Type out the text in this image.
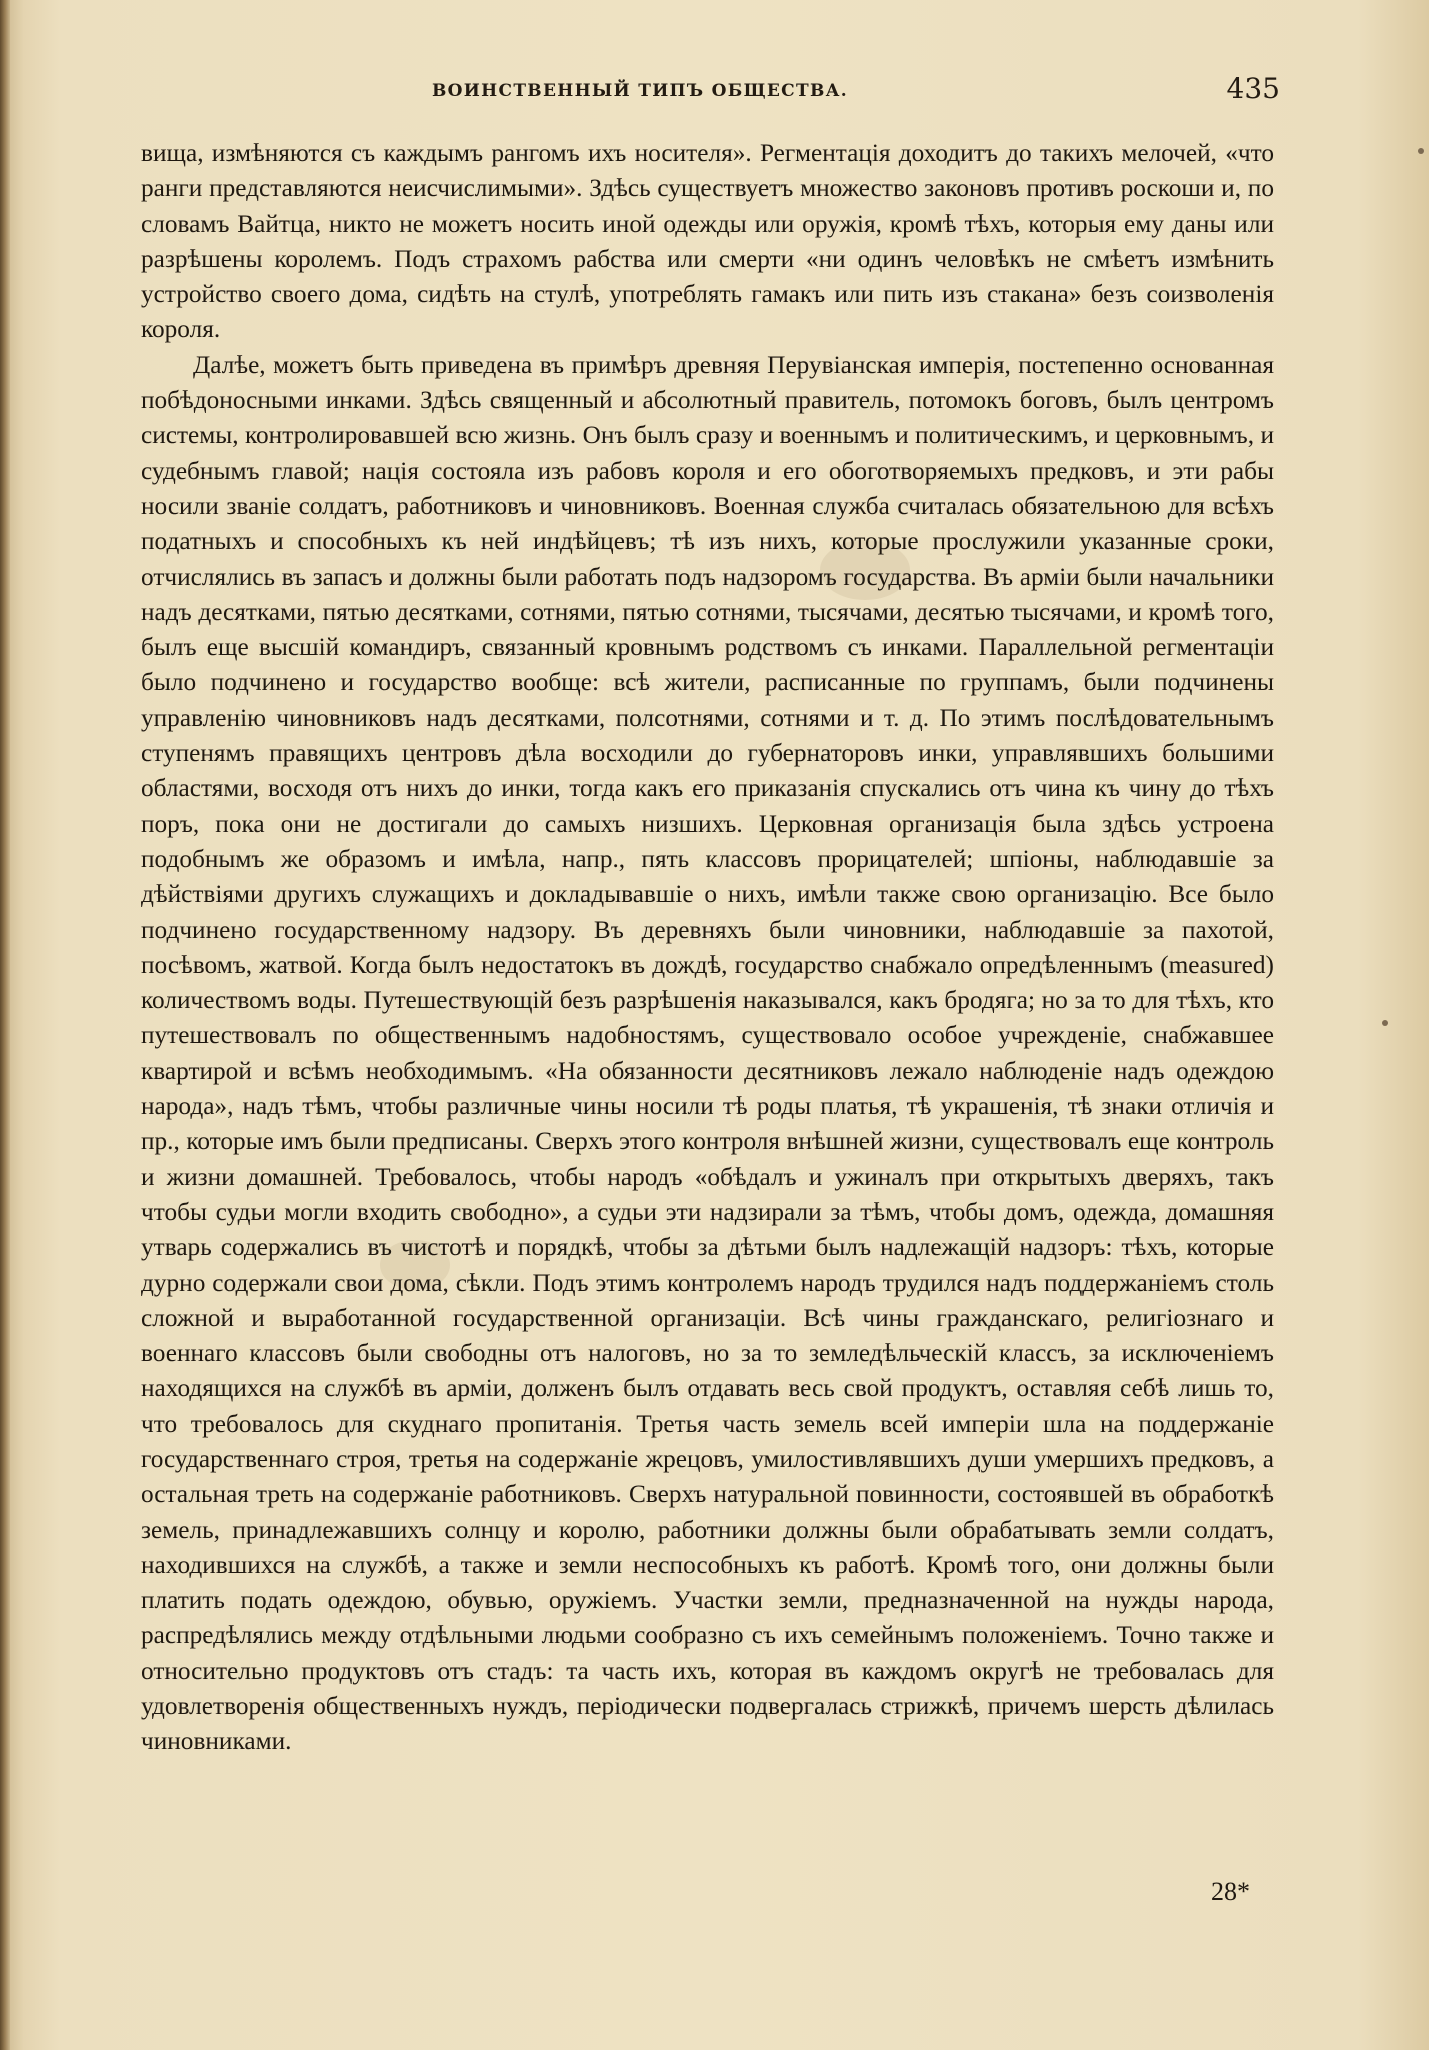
ВОИНСТВЕННЫЙ ТИПЪ ОБЩЕСТВА.	435

вища, измѣняются съ каждымъ рангомъ ихъ носителя». Регментація доходитъ до такихъ мелочей, «что ранги представляются неисчислимыми». Здѣсь существуетъ множество законовъ противъ роскоши и, по словамъ Вайтца, никто не можетъ носить иной одежды или оружія, кромѣ тѣхъ, которыя ему даны или разрѣшены королемъ. Подъ страхомъ рабства или смерти «ни одинъ человѣкъ не смѣетъ измѣнить устройство своего дома, сидѣть на стулѣ, употреблять гамакъ или пить изъ стакана» безъ соизволенія короля.

Далѣе, можетъ быть приведена въ примѣръ древняя Перувіанская имперія, постепенно основанная побѣдоносными инками. Здѣсь священный и абсолютный правитель, потомокъ боговъ, былъ центромъ системы, контролировавшей всю жизнь. Онъ былъ сразу и военнымъ и политическимъ, и церковнымъ, и судебнымъ главой; нація состояла изъ рабовъ короля и его обоготворяемыхъ предковъ, и эти рабы носили званіе солдатъ, работниковъ и чиновниковъ. Военная служба считалась обязательною для всѣхъ податныхъ и способныхъ къ ней индѣйцевъ; тѣ изъ нихъ, которые прослужили указанные сроки, отчислялись въ запасъ и должны были работать подъ надзоромъ государства. Въ арміи были начальники надъ десятками, пятью десятками, сотнями, пятью сотнями, тысячами, десятью тысячами, и кромѣ того, былъ еще высшій командиръ, связанный кровнымъ родствомъ съ инками. Параллельной регментаціи было подчинено и государство вообще: всѣ жители, расписанные по группамъ, были подчинены управленію чиновниковъ надъ десятками, полсотнями, сотнями и т. д. По этимъ послѣдовательнымъ ступенямъ правящихъ центровъ дѣла восходили до губернаторовъ инки, управлявшихъ большими областями, восходя отъ нихъ до инки, тогда какъ его приказанія спускались отъ чина къ чину до тѣхъ поръ, пока они не достигали до самыхъ низшихъ. Церковная организація была здѣсь устроена подобнымъ же образомъ и имѣла, напр., пять классовъ прорицателей; шпіоны, наблюдавшіе за дѣйствіями другихъ служащихъ и докладывавшіе о нихъ, имѣли также свою организацію. Все было подчинено государственному надзору. Въ деревняхъ были чиновники, наблюдавшіе за пахотой, посѣвомъ, жатвой. Когда былъ недостатокъ въ дождѣ, государство снабжало опредѣленнымъ (measured) количествомъ воды. Путешествующій безъ разрѣшенія наказывался, какъ бродяга; но за то для тѣхъ, кто путешествовалъ по общественнымъ надобностямъ, существовало особое учрежденіе, снабжавшее квартирой и всѣмъ необходимымъ. «На обязанности десятниковъ лежало наблюденіе надъ одеждою народа», надъ тѣмъ, чтобы различные чины носили тѣ роды платья, тѣ украшенія, тѣ знаки отличія и пр., которые имъ были предписаны. Сверхъ этого контроля внѣшней жизни, существовалъ еще контроль и жизни домашней. Требовалось, чтобы народъ «обѣдалъ и ужиналъ при открытыхъ дверяхъ, такъ чтобы судьи могли входить свободно», а судьи эти надзирали за тѣмъ, чтобы домъ, одежда, домашняя утварь содержались въ чистотѣ и порядкѣ, чтобы за дѣтьми былъ надлежащій надзоръ: тѣхъ, которые дурно содержали свои дома, сѣкли. Подъ этимъ контролемъ народъ трудился надъ поддержаніемъ столь сложной и выработанной государственной организаціи. Всѣ чины гражданскаго, религіознаго и военнаго классовъ были свободны отъ налоговъ, но за то земледѣльческій классъ, за исключеніемъ находящихся на службѣ въ арміи, долженъ былъ отдавать весь свой продуктъ, оставляя себѣ лишь то, что требовалось для скуднаго пропитанія. Третья часть земель всей имперіи шла на поддержаніе государственнаго строя, третья на содержаніе жрецовъ, умилостивлявшихъ души умершихъ предковъ, а остальная треть на содержаніе работниковъ. Сверхъ натуральной повинности, состоявшей въ обработкѣ земель, принадлежавшихъ солнцу и королю, работники должны были обрабатывать земли солдатъ, находившихся на службѣ, а также и земли неспособныхъ къ работѣ. Кромѣ того, они должны были платить подать одеждою, обувью, оружіемъ. Участки земли, предназначенной на нужды народа, распредѣлялись между отдѣльными людьми сообразно съ ихъ семейнымъ положеніемъ. Точно также и относительно продуктовъ отъ стадъ: та часть ихъ, которая въ каждомъ округѣ не требовалась для удовлетворенія общественныхъ нуждъ, періодически подвергалась стрижкѣ, причемъ шерсть дѣлилась чиновниками.

28*
